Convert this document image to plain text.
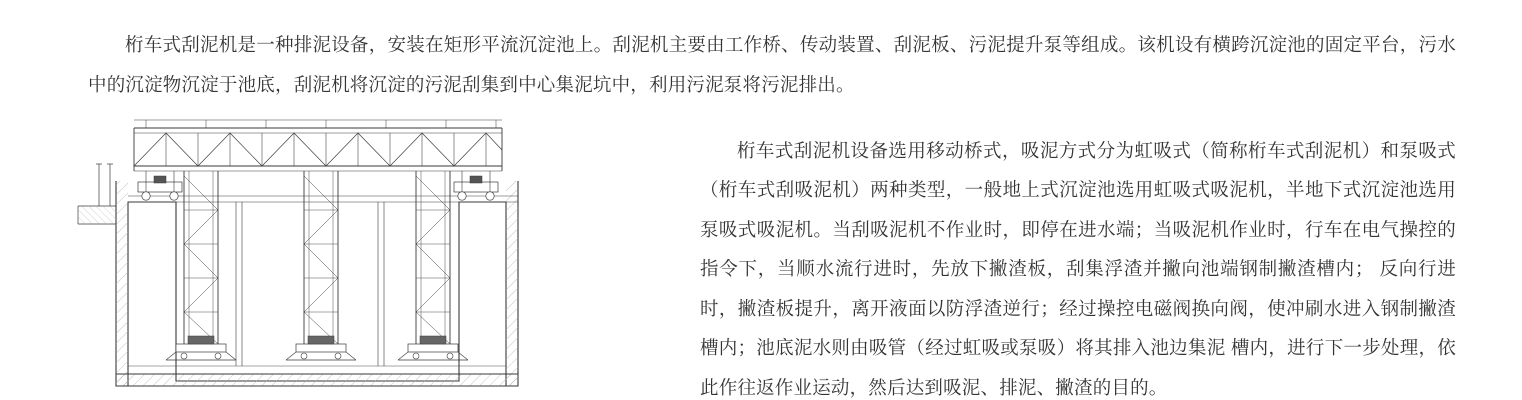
桁车式刮泥机是一种排泥设备，安装在矩形平流沉淀池上。刮泥机主要由工作桥、传动装置、刮泥板、污泥提升泵等组成。该机设有横跨沉淀池的固定平台，污水中的沉淀物沉淀于池底，刮泥机将沉淀的污泥刮集到中心集泥坑中，利用污泥泵将污泥排出。

桁车式刮泥机设备选用移动桥式，吸泥方式分为虹吸式（简称桁车式刮泥机）和泵吸式（桁车式刮吸泥机）两种类型，一般地上式沉淀池选用虹吸式吸泥机，半地下式沉淀池选用泵吸式吸泥机。当刮吸泥机不作业时，即停在进水端；当吸泥机作业时，行车在电气操控的指令下，当顺水流行进时，先放下撇渣板，刮集浮渣并撇向池端钢制撇渣槽内； 反向行进时，撇渣板提升，离开液面以防浮渣逆行；经过操控电磁阀换向阀，使冲刷水进入钢制撇渣槽内；池底泥水则由吸管（经过虹吸或泵吸）将其排入池边集泥 槽内，进行下一步处理，依此作往返作业运动，然后达到吸泥、排泥、撇渣的目的。
